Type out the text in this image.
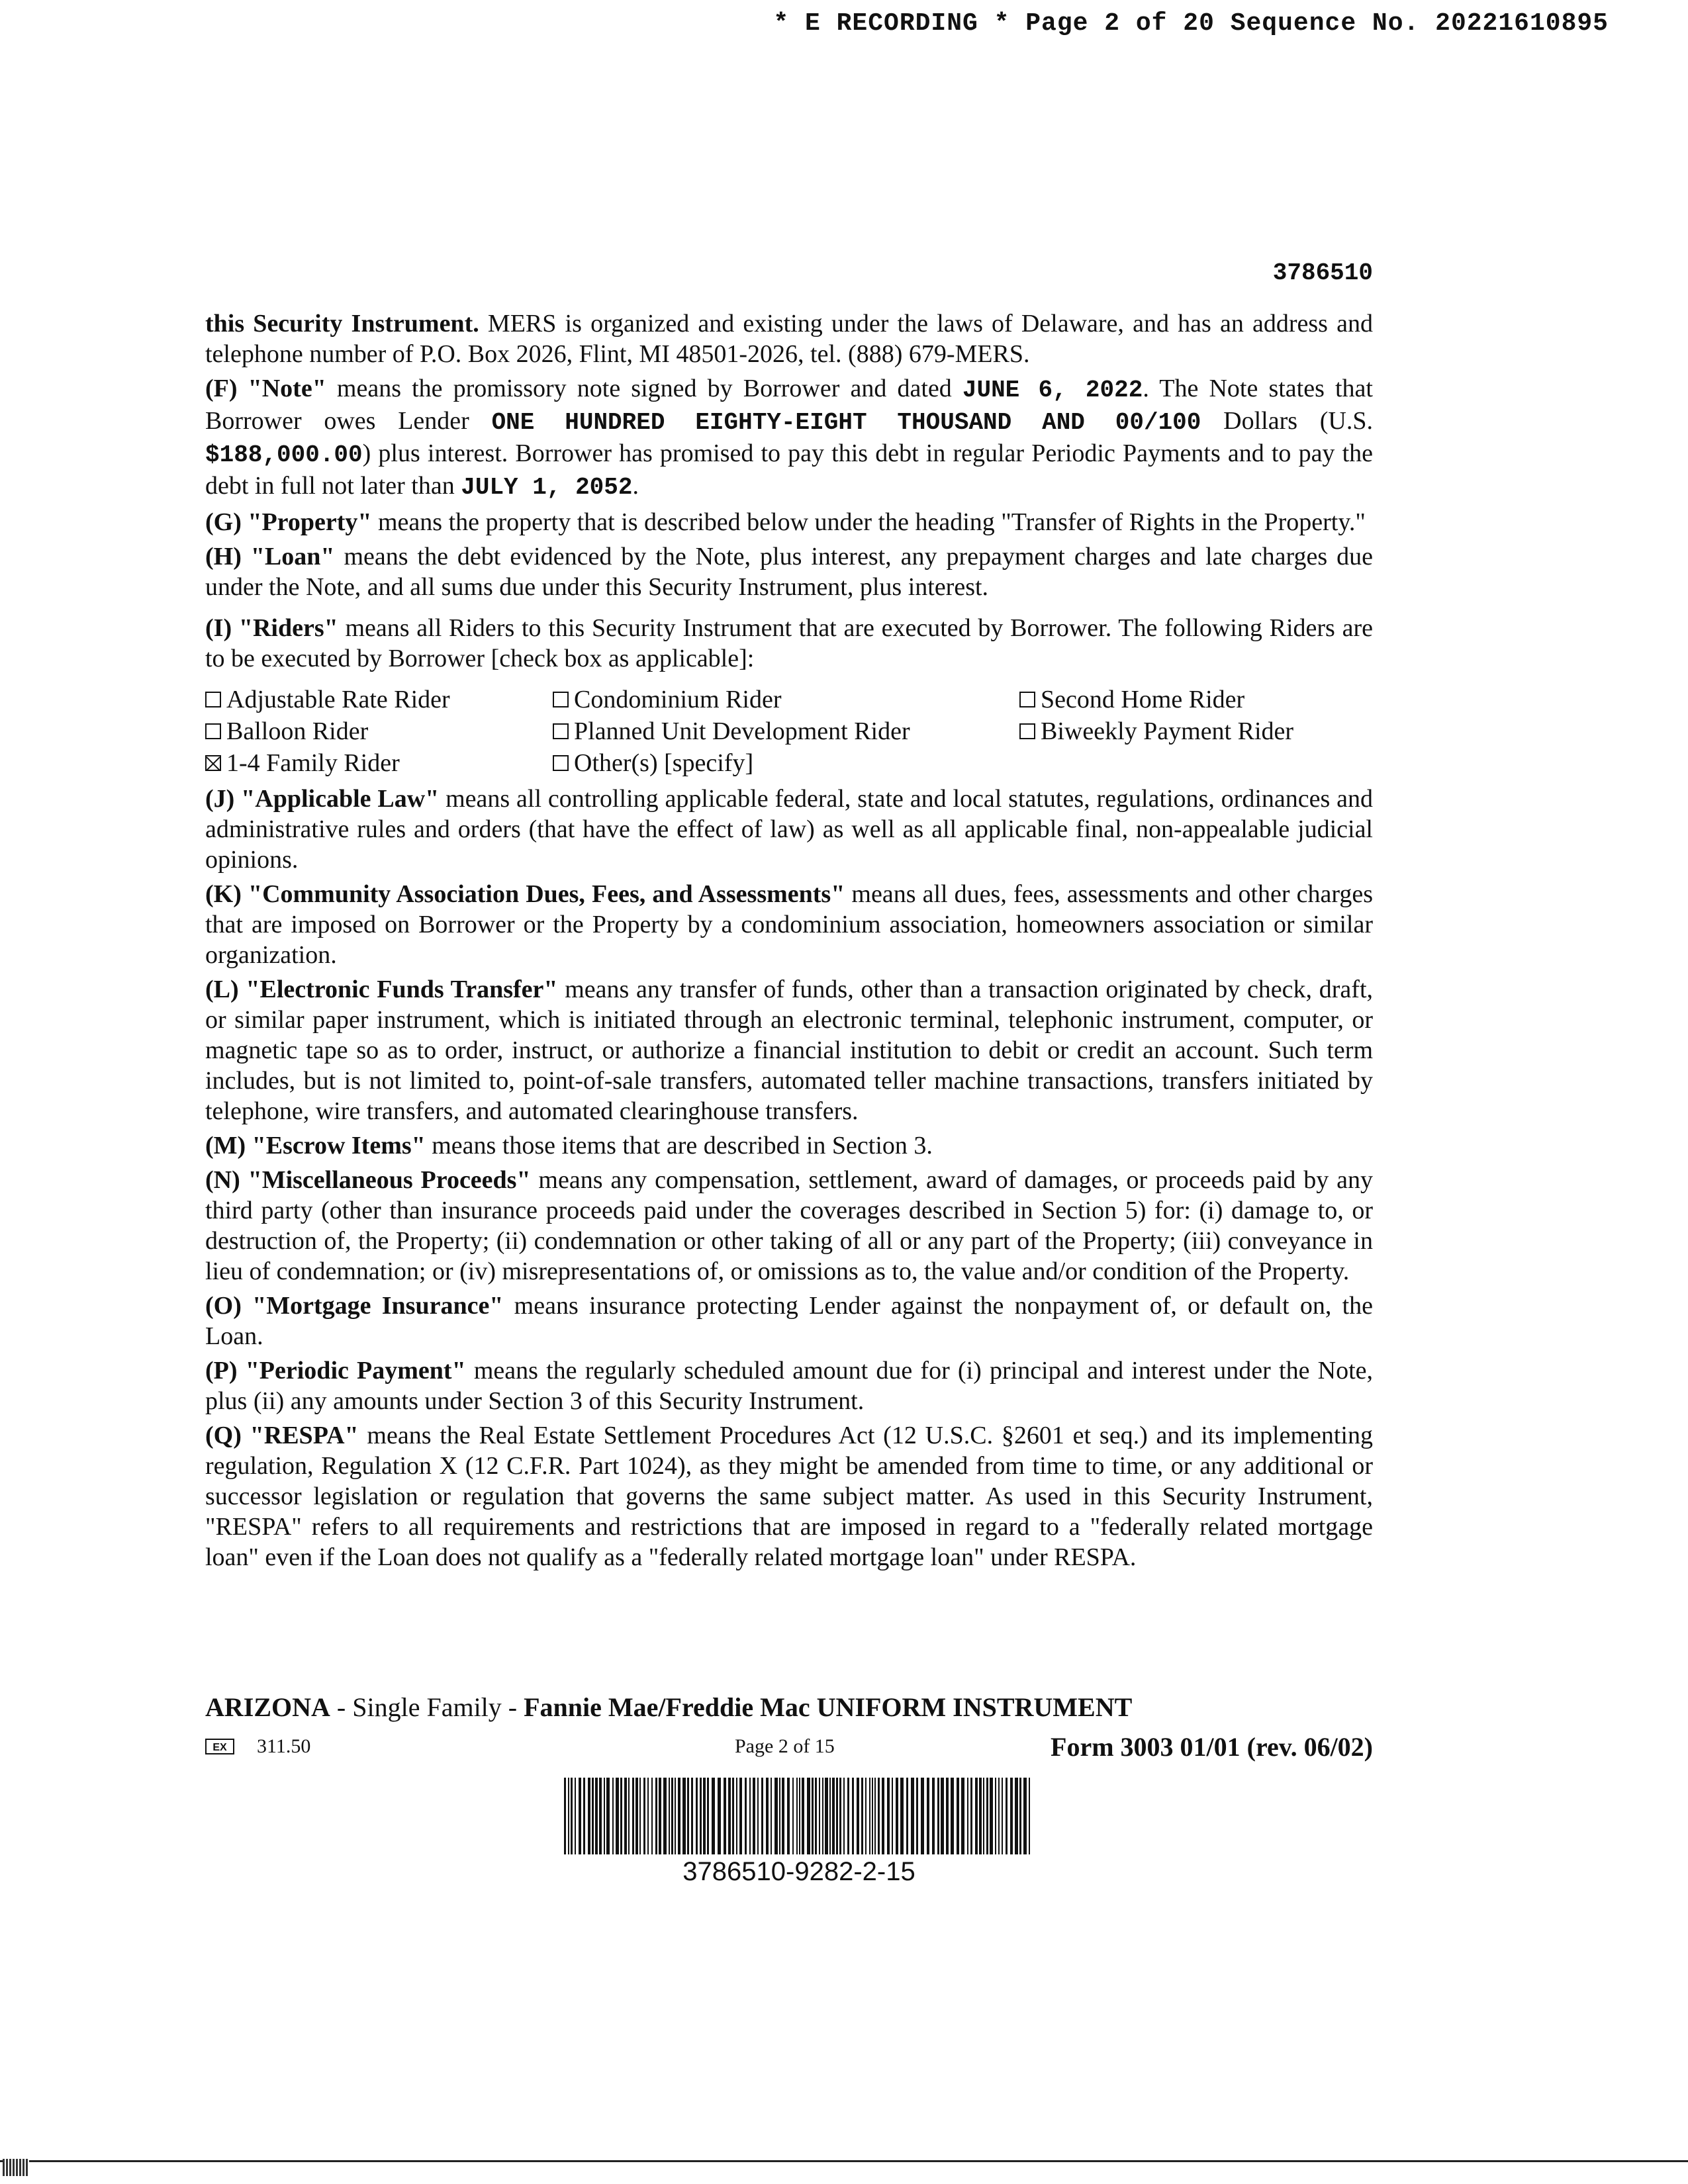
* E RECORDING * Page 2 of 20 Sequence No. 20221610895
3786510

this Security Instrument. MERS is organized and existing under the laws of Delaware, and has an address and telephone number of P.O. Box 2026, Flint, MI 48501-2026, tel. (888) 679-MERS.

(F) "Note" means the promissory note signed by Borrower and dated JUNE 6, 2022. The Note states that Borrower owes Lender ONE HUNDRED EIGHTY-EIGHT THOUSAND AND 00/100 Dollars (U.S. $188,000.00) plus interest. Borrower has promised to pay this debt in regular Periodic Payments and to pay the debt in full not later than JULY 1, 2052.

(G) "Property" means the property that is described below under the heading "Transfer of Rights in the Property."

(H) "Loan" means the debt evidenced by the Note, plus interest, any prepayment charges and late charges due under the Note, and all sums due under this Security Instrument, plus interest.

(I) "Riders" means all Riders to this Security Instrument that are executed by Borrower. The following Riders are to be executed by Borrower [check box as applicable]:

Adjustable Rate Rider	Condominium Rider	Second Home Rider
Balloon Rider	Planned Unit Development Rider	Biweekly Payment Rider
1-4 Family Rider	Other(s) [specify]

(J) "Applicable Law" means all controlling applicable federal, state and local statutes, regulations, ordinances and administrative rules and orders (that have the effect of law) as well as all applicable final, non-appealable judicial opinions.

(K) "Community Association Dues, Fees, and Assessments" means all dues, fees, assessments and other charges that are imposed on Borrower or the Property by a condominium association, homeowners association or similar organization.

(L) "Electronic Funds Transfer" means any transfer of funds, other than a transaction originated by check, draft, or similar paper instrument, which is initiated through an electronic terminal, telephonic instrument, computer, or magnetic tape so as to order, instruct, or authorize a financial institution to debit or credit an account. Such term includes, but is not limited to, point-of-sale transfers, automated teller machine transactions, transfers initiated by telephone, wire transfers, and automated clearinghouse transfers.

(M) "Escrow Items" means those items that are described in Section 3.

(N) "Miscellaneous Proceeds" means any compensation, settlement, award of damages, or proceeds paid by any third party (other than insurance proceeds paid under the coverages described in Section 5) for: (i) damage to, or destruction of, the Property; (ii) condemnation or other taking of all or any part of the Property; (iii) conveyance in lieu of condemnation; or (iv) misrepresentations of, or omissions as to, the value and/or condition of the Property.

(O) "Mortgage Insurance" means insurance protecting Lender against the nonpayment of, or default on, the Loan.

(P) "Periodic Payment" means the regularly scheduled amount due for (i) principal and interest under the Note, plus (ii) any amounts under Section 3 of this Security Instrument.

(Q) "RESPA" means the Real Estate Settlement Procedures Act (12 U.S.C. §2601 et seq.) and its implementing regulation, Regulation X (12 C.F.R. Part 1024), as they might be amended from time to time, or any additional or successor legislation or regulation that governs the same subject matter. As used in this Security Instrument, "RESPA" refers to all requirements and restrictions that are imposed in regard to a "federally related mortgage loan" even if the Loan does not qualify as a "federally related mortgage loan" under RESPA.

ARIZONA - Single Family - Fannie Mae/Freddie Mac UNIFORM INSTRUMENT
EX	311.50	Page 2 of 15	Form 3003 01/01 (rev. 06/02)
3786510-9282-2-15
